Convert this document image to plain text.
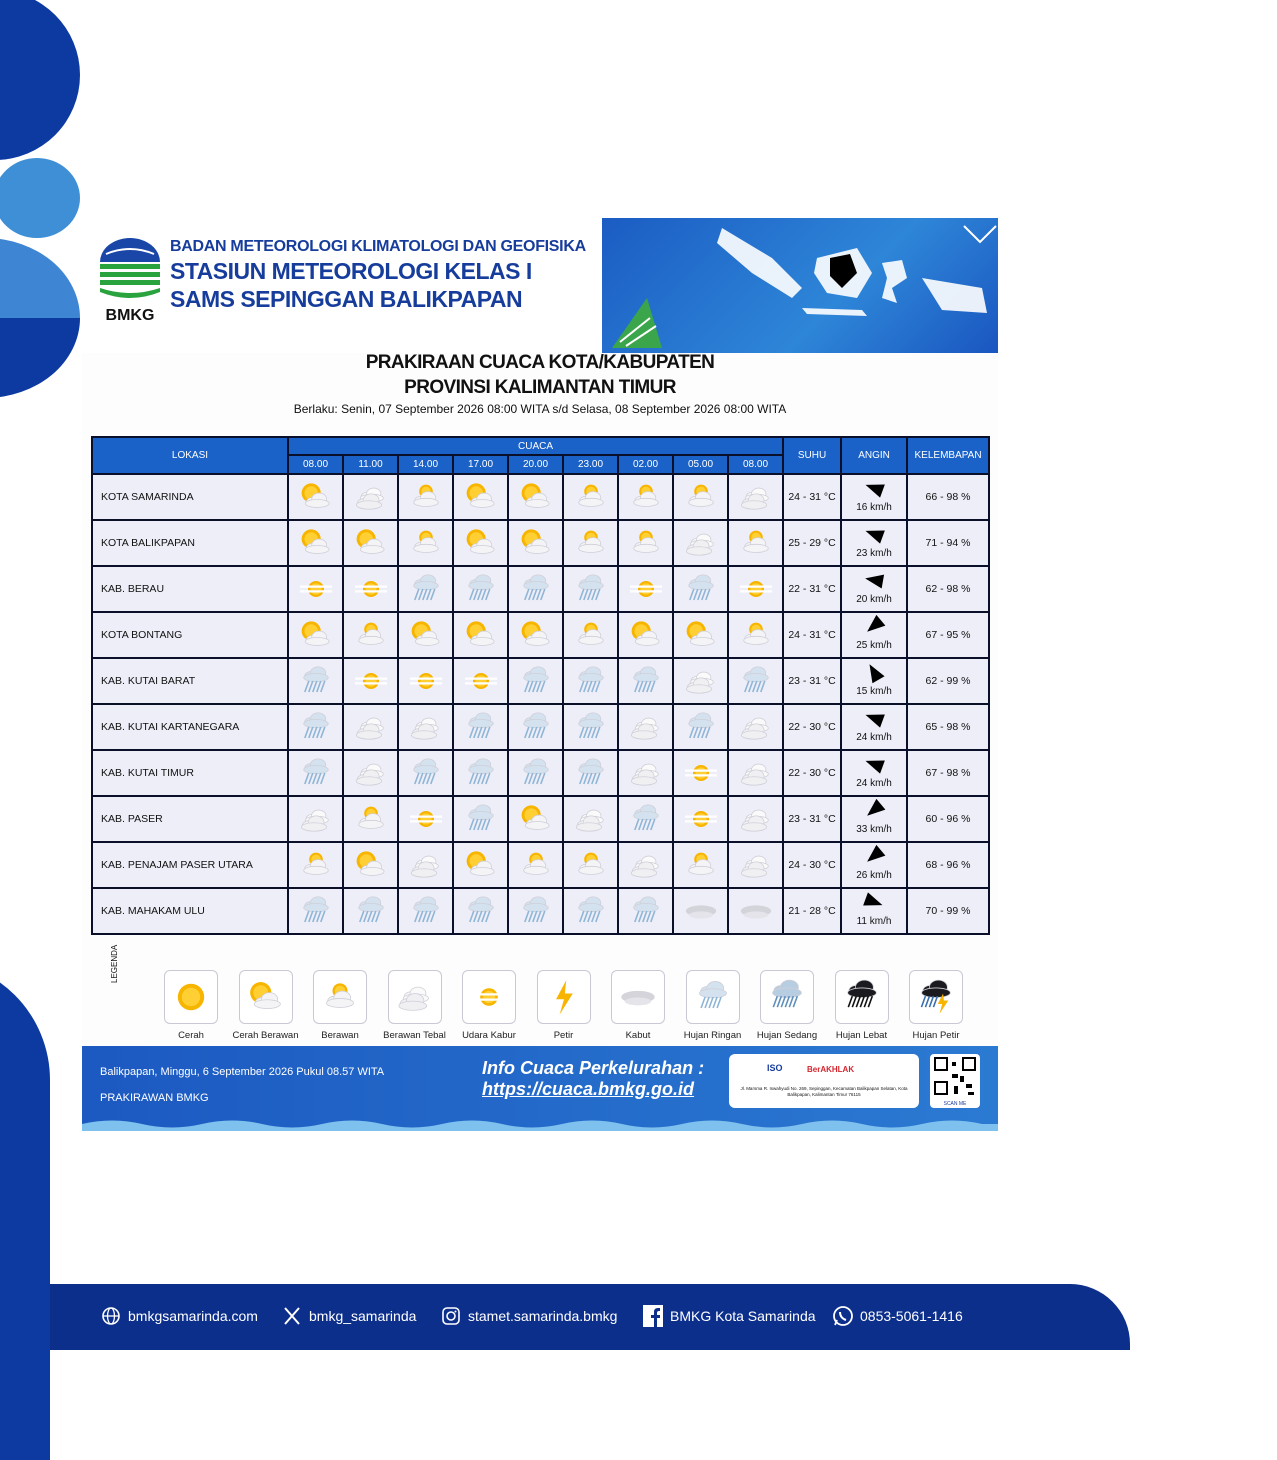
Borneo
BMKG
BADAN METEOROLOGI KLIMATOLOGI DAN GEOFISIKA
STASIUN METEOROLOGI KELAS I
SAMS SEPINGGAN BALIKPAPAN
PRAKIRAAN CUACA KOTA/KABUPATEN
PROVINSI KALIMANTAN TIMUR
Berlaku: Senin, 07 September 2026 08:00 WITA s/d Selasa, 08 September 2026 08:00 WITA
LOKASI	CUACA									SUHU	ANGIN	KELEMBAPAN
	08.00	11.00	14.00	17.00	20.00	23.00	02.00	05.00	08.00			
KOTA SAMARINDA										24 - 31 °C	16 km/h	66 - 98 %
KOTA BALIKPAPAN										25 - 29 °C	23 km/h	71 - 94 %
KAB. BERAU										22 - 31 °C	20 km/h	62 - 98 %
KOTA BONTANG										24 - 31 °C	25 km/h	67 - 95 %
KAB. KUTAI BARAT										23 - 31 °C	15 km/h	62 - 99 %
KAB. KUTAI KARTANEGARA										22 - 30 °C	24 km/h	65 - 98 %
KAB. KUTAI TIMUR										22 - 30 °C	24 km/h	67 - 98 %
KAB. PASER										23 - 31 °C	33 km/h	60 - 96 %
KAB. PENAJAM PASER UTARA										24 - 30 °C	26 km/h	68 - 96 %
KAB. MAHAKAM ULU										21 - 28 °C	11 km/h	70 - 99 %
LEGENDA
Cerah	Cerah Berawan	Berawan	Berawan Tebal	Udara Kabur	Petir	Kabut	Hujan Ringan	Hujan Sedang	Hujan Lebat	Hujan Petir
Balikpapan, Minggu, 6 September 2026 Pukul 08.57 WITA
PRAKIRAWAN BMKG
Info Cuaca Perkelurahan :
https://cuaca.bmkg.go.id
ISO	BerAKHLAK
Jl. Marsma R. Iswahyudi No. 269, Sepinggan, Kecamatan Balikpapan Selatan, Kota Balikpapan, Kalimantan Timur 76115
SCAN ME
bmkgsamarinda.com	bmkg_samarinda	stamet.samarinda.bmkg	BMKG Kota Samarinda	0853-5061-1416
